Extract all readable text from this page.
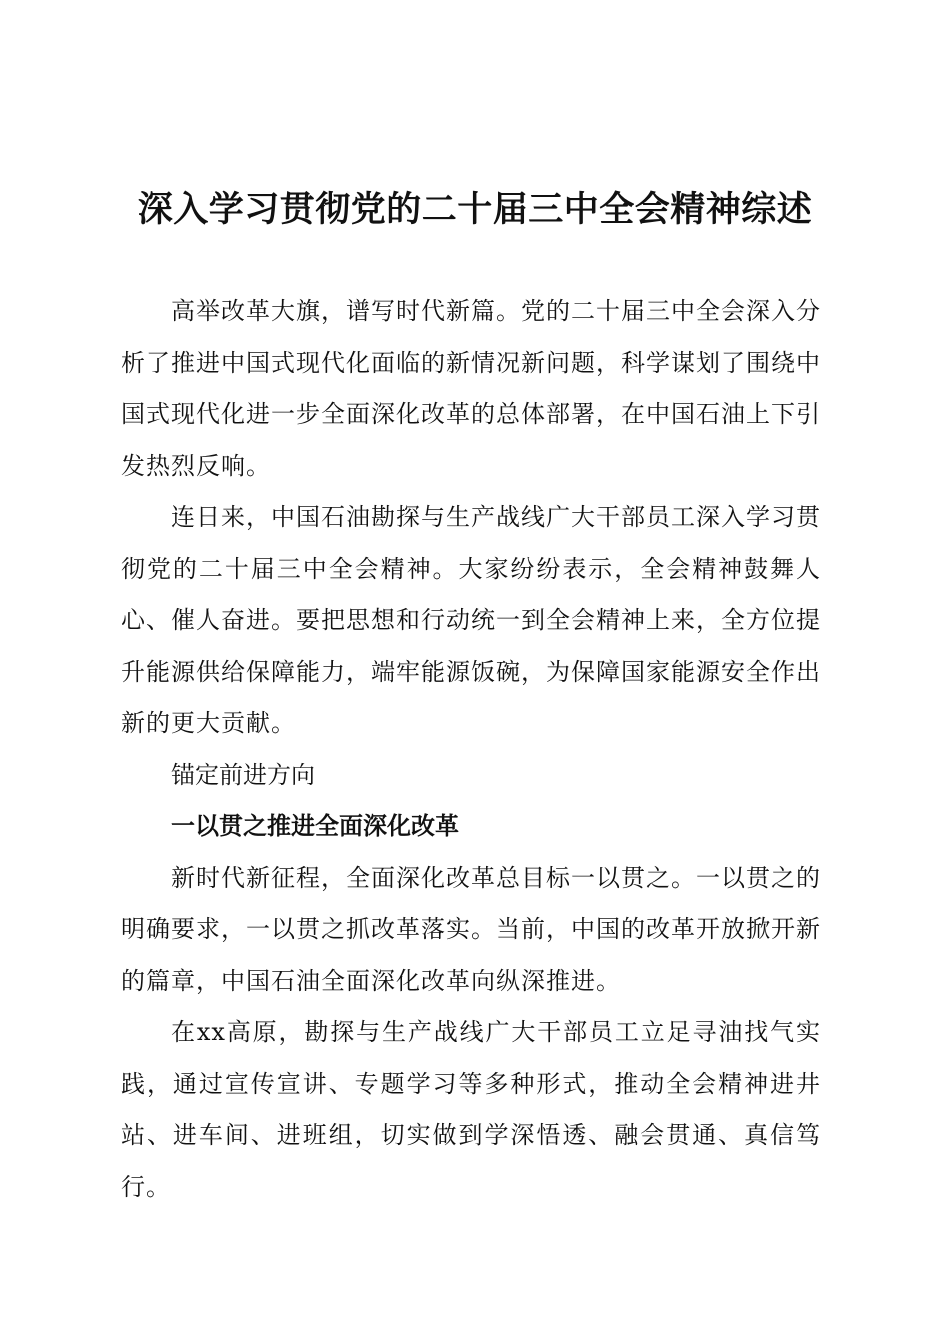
深入学习贯彻党的二十届三中全会精神综述

高举改革大旗，谱写时代新篇。党的二十届三中全会深入分析了推进中国式现代化面临的新情况新问题，科学谋划了围绕中国式现代化进一步全面深化改革的总体部署，在中国石油上下引发热烈反响。

连日来，中国石油勘探与生产战线广大干部员工深入学习贯彻党的二十届三中全会精神。大家纷纷表示，全会精神鼓舞人心、催人奋进。要把思想和行动统一到全会精神上来，全方位提升能源供给保障能力，端牢能源饭碗，为保障国家能源安全作出新的更大贡献。

锚定前进方向

一以贯之推进全面深化改革

新时代新征程，全面深化改革总目标一以贯之。一以贯之的明确要求，一以贯之抓改革落实。当前，中国的改革开放掀开新的篇章，中国石油全面深化改革向纵深推进。

在xx高原，勘探与生产战线广大干部员工立足寻油找气实践，通过宣传宣讲、专题学习等多种形式，推动全会精神进井站、进车间、进班组，切实做到学深悟透、融会贯通、真信笃行。
